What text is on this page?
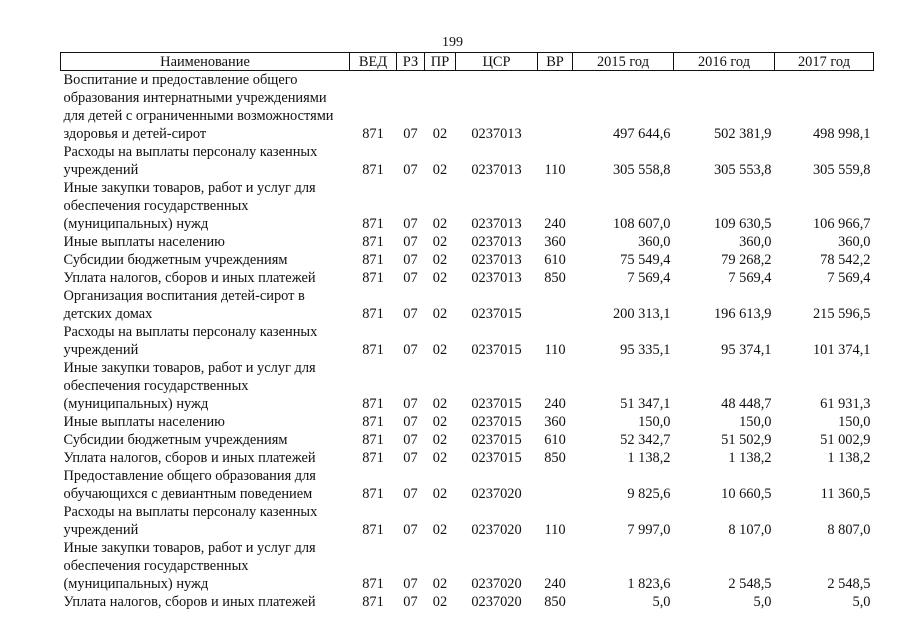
199
Наименование	ВЕД	РЗ	ПР	ЦСР	ВР	2015 год	2016 год	2017 год
Воспитание и предоставление общего образования интернатными учреждениями для детей с ограниченными возможностями здоровья и детей-сирот	871	07	02	0237013		497 644,6	502 381,9	498 998,1
Расходы на выплаты персоналу казенных учреждений	871	07	02	0237013	110	305 558,8	305 553,8	305 559,8
Иные закупки товаров, работ и услуг для обеспечения государственных (муниципальных) нужд	871	07	02	0237013	240	108 607,0	109 630,5	106 966,7
Иные выплаты населению	871	07	02	0237013	360	360,0	360,0	360,0
Субсидии бюджетным учреждениям	871	07	02	0237013	610	75 549,4	79 268,2	78 542,2
Уплата налогов, сборов и иных платежей	871	07	02	0237013	850	7 569,4	7 569,4	7 569,4
Организация воспитания детей-сирот в детских домах	871	07	02	0237015		200 313,1	196 613,9	215 596,5
Расходы на выплаты персоналу казенных учреждений	871	07	02	0237015	110	95 335,1	95 374,1	101 374,1
Иные закупки товаров, работ и услуг для обеспечения государственных (муниципальных) нужд	871	07	02	0237015	240	51 347,1	48 448,7	61 931,3
Иные выплаты населению	871	07	02	0237015	360	150,0	150,0	150,0
Субсидии бюджетным учреждениям	871	07	02	0237015	610	52 342,7	51 502,9	51 002,9
Уплата налогов, сборов и иных платежей	871	07	02	0237015	850	1 138,2	1 138,2	1 138,2
Предоставление общего образования для обучающихся с девиантным поведением	871	07	02	0237020		9 825,6	10 660,5	11 360,5
Расходы на выплаты персоналу казенных учреждений	871	07	02	0237020	110	7 997,0	8 107,0	8 807,0
Иные закупки товаров, работ и услуг для обеспечения государственных (муниципальных) нужд	871	07	02	0237020	240	1 823,6	2 548,5	2 548,5
Уплата налогов, сборов и иных платежей	871	07	02	0237020	850	5,0	5,0	5,0
